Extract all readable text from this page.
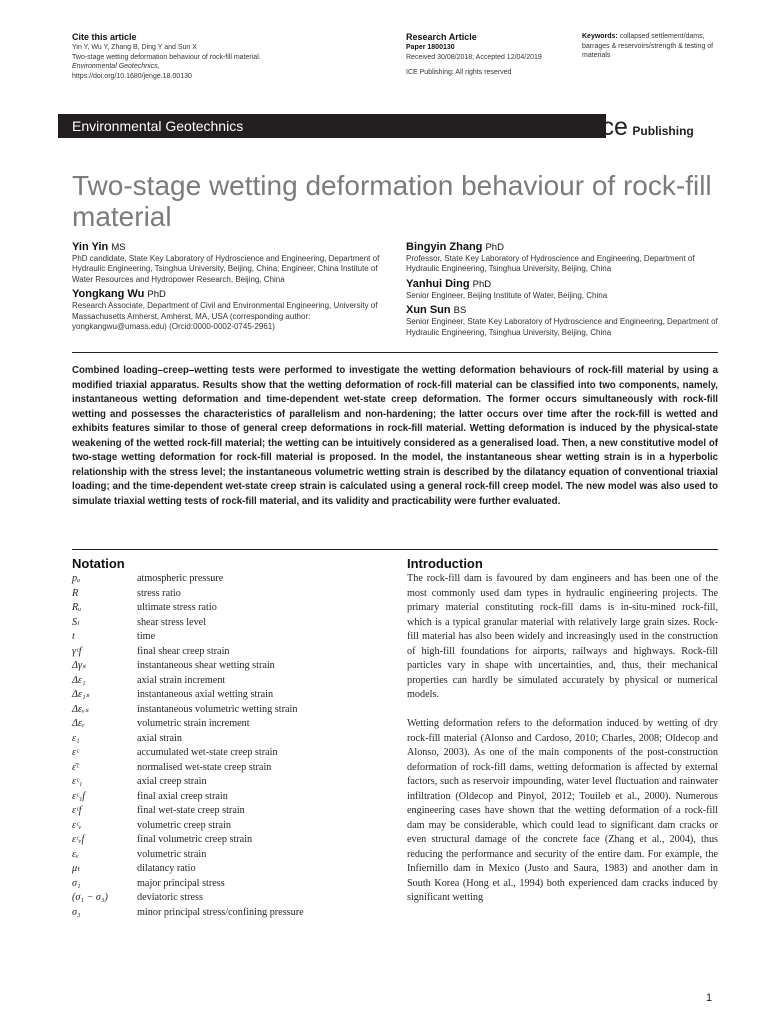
Cite this article
Yin Y, Wu Y, Zhang B, Ding Y and Sun X
Two-stage wetting deformation behaviour of rock-fill material.
Environmental Geotechnics,
https://doi.org/10.1680/jenge.18.00130
Research Article
Paper 1800130
Received 30/08/2018; Accepted 12/04/2019
ICE Publishing: All rights reserved
Keywords: collapsed settlement/dams, barrages & reservoirs/strength & testing of materials
Environmental Geotechnics	ice Publishing
Two-stage wetting deformation behaviour of rock-fill material
Yin Yin MS
PhD candidate, State Key Laboratory of Hydroscience and Engineering, Department of Hydraulic Engineering, Tsinghua University, Beijing, China; Engineer, China Institute of Water Resources and Hydropower Research, Beijing, China
Yongkang Wu PhD
Research Associate, Department of Civil and Environmental Engineering, University of Massachusetts Amherst, Amherst, MA, USA (corresponding author: yongkangwu@umass.edu) (Orcid:0000-0002-0745-2961)
Bingyin Zhang PhD
Professor, State Key Laboratory of Hydroscience and Engineering, Department of Hydraulic Engineering, Tsinghua University, Beijing, China
Yanhui Ding PhD
Senior Engineer, Beijing Institute of Water, Beijing, China
Xun Sun BS
Senior Engineer, State Key Laboratory of Hydroscience and Engineering, Department of Hydraulic Engineering, Tsinghua University, Beijing, China
Combined loading–creep–wetting tests were performed to investigate the wetting deformation behaviours of rock-fill material by using a modified triaxial apparatus. Results show that the wetting deformation of rock-fill material can be classified into two components, namely, instantaneous wetting deformation and time-dependent wet-state creep deformation. The former occurs simultaneously with rock-fill wetting and possesses the characteristics of parallelism and non-hardening; the latter occurs over time after the rock-fill is wetted and exhibits features similar to those of general creep deformations in rock-fill material. Wetting deformation is induced by the physical-state weakening of the wetted rock-fill material; the wetting can be intuitively considered as a generalised load. Then, a new constitutive model of two-stage wetting deformation for rock-fill material is proposed. In the model, the instantaneous shear wetting strain is in a hyperbolic relationship with the stress level; the instantaneous volumetric wetting strain is described by the dilatancy equation of conventional triaxial loading; and the time-dependent wet-state creep strain is calculated using a general rock-fill creep model. The new model was also used to simulate triaxial wetting tests of rock-fill material, and its validity and practicability were further evaluated.
Notation
pₐ	atmospheric pressure
R	stress ratio
Rᵤ	ultimate stress ratio
Sₗ	shear stress level
t	time
γᶜf	final shear creep strain
Δγₛ	instantaneous shear wetting strain
Δε₁	axial strain increment
Δε₁ₛ	instantaneous axial wetting strain
Δεᵥₛ	instantaneous volumetric wetting strain
Δεᵥ	volumetric strain increment
ε₁	axial strain
εᶜ	accumulated wet-state creep strain
ε̄ᶜ	normalised wet-state creep strain
εᶜ₁	axial creep strain
εᶜ₁f	final axial creep strain
εᶜf	final wet-state creep strain
εᶜᵥ	volumetric creep strain
εᶜᵥf	final volumetric creep strain
εᵥ	volumetric strain
μₜ	dilatancy ratio
σ₁	major principal stress
(σ₁ − σ₃)	deviatoric stress
σ₃	minor principal stress/confining pressure
Introduction

The rock-fill dam is favoured by dam engineers and has been one of the most commonly used dam types in hydraulic engineering projects. The primary material constituting rock-fill dams is in-situ-mined rock-fill, which is a typical granular material with relatively large grain sizes. Rock-fill material has also been widely and increasingly used in the construction of high-fill foundations for airports, railways and highways. Rock-fill particles vary in shape with uncertainties, and, thus, their mechanical properties can hardly be simulated accurately by physical or numerical models.

Wetting deformation refers to the deformation induced by wetting of dry rock-fill material (Alonso and Cardoso, 2010; Charles, 2008; Oldecop and Alonso, 2003). As one of the main components of the post-construction deformation of rock-fill dams, wetting deformation is affected by external factors, such as reservoir impounding, water level fluctuation and rainwater infiltration (Oldecop and Pinyol, 2012; Touileb et al., 2000). Numerous engineering cases have shown that the wetting deformation of a rock-fill dam may be considerable, which could lead to significant dam cracks or even structural damage of the concrete face (Zhang et al., 2004), thus reducing the performance and security of the entire dam. For example, the Infiernillo dam in Mexico (Justo and Saura, 1983) and another dam in South Korea (Hong et al., 1994) both experienced dam cracks induced by significant wetting

1
